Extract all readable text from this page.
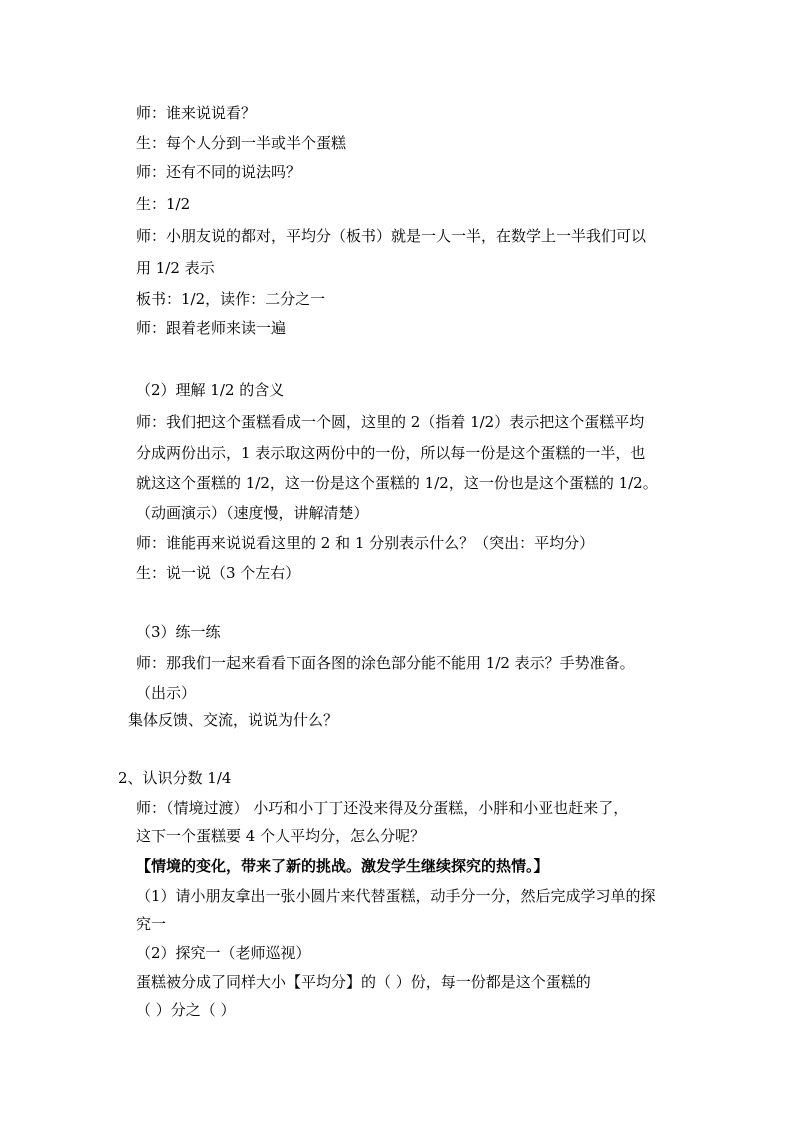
师：谁来说说看？
生：每个人分到一半或半个蛋糕
师：还有不同的说法吗？
生：1/2
师：小朋友说的都对，平均分（板书）就是一人一半，在数学上一半我们可以
用 1/2 表示
板书：1/2，读作：二分之一
师：跟着老师来读一遍
（2）理解 1/2 的含义
师：我们把这个蛋糕看成一个圆，这里的 2（指着 1/2）表示把这个蛋糕平均
分成两份出示，1 表示取这两份中的一份，所以每一份是这个蛋糕的一半，也
就这这个蛋糕的 1/2，这一份是这个蛋糕的 1/2，这一份也是这个蛋糕的 1/2。
（动画演示）（速度慢，讲解清楚）
师：谁能再来说说看这里的 2 和 1 分别表示什么？（突出：平均分）
生：说一说（3 个左右）
（3）练一练
师：那我们一起来看看下面各图的涂色部分能不能用 1/2 表示？手势准备。
（出示）
集体反馈、交流，说说为什么？
2、认识分数 1/4
师：（情境过渡） 小巧和小丁丁还没来得及分蛋糕，小胖和小亚也赶来了，
这下一个蛋糕要 4 个人平均分，怎么分呢？
【情境的变化，带来了新的挑战。激发学生继续探究的热情。】
（1）请小朋友拿出一张小圆片来代替蛋糕，动手分一分，然后完成学习单的探
究一
（2）探究一（老师巡视）
蛋糕被分成了同样大小【平均分】的（ ）份，每一份都是这个蛋糕的
（ ）分之（ ）
